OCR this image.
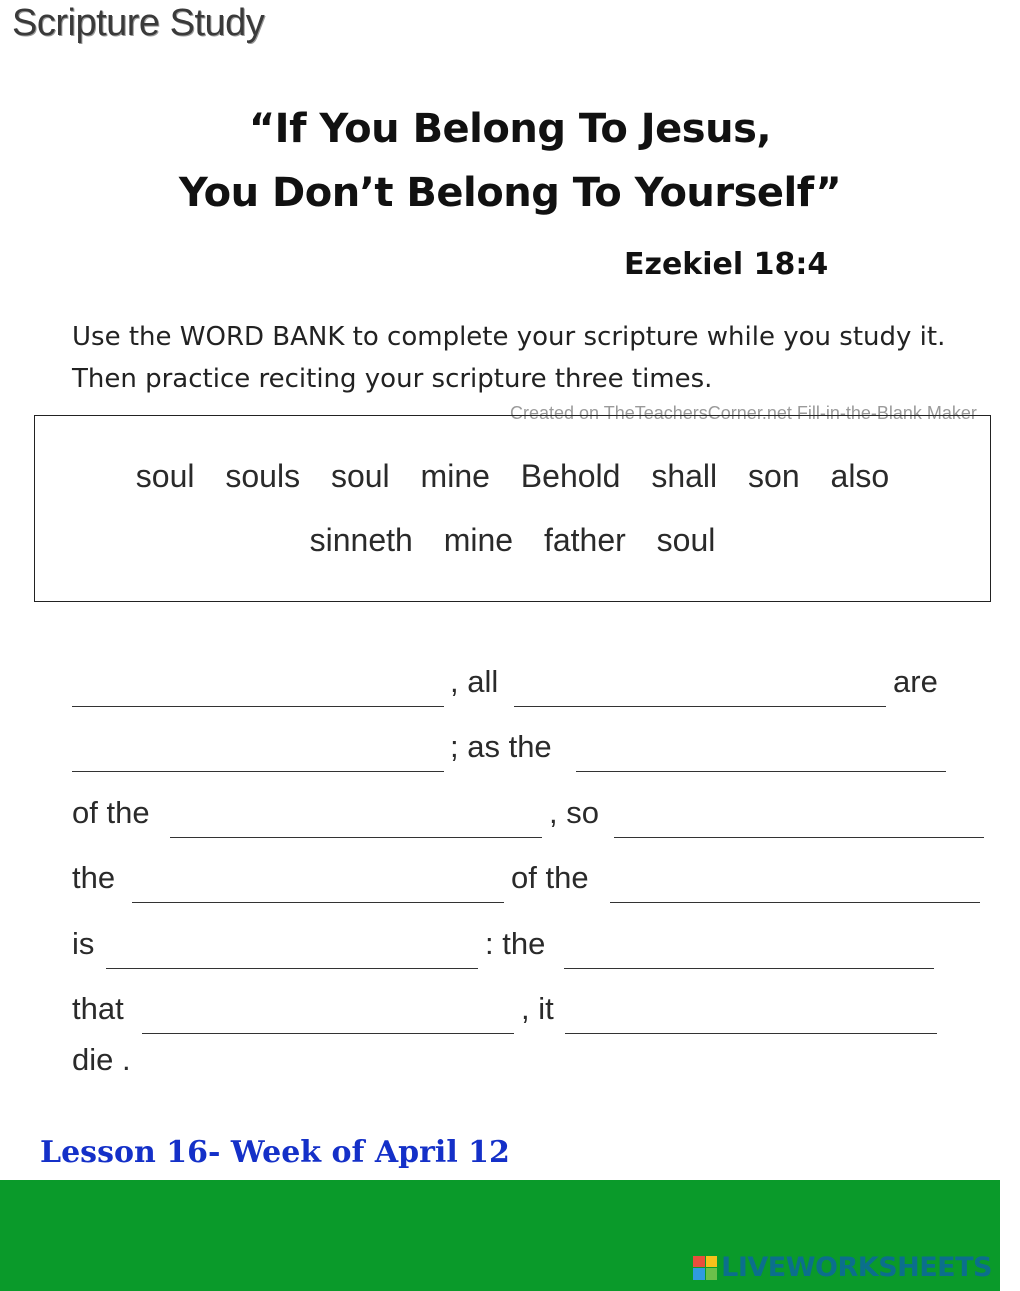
Scripture Study
“If You Belong To Jesus,
You Don’t Belong To Yourself”
Ezekiel 18:4
Use the WORD BANK to complete your scripture while you study it. Then practice reciting your scripture three times.
Created on TheTeachersCorner.net Fill-in-the-Blank Maker
soul souls soul mine Behold shall son also
sinneth mine father soul
, all	are
; as the
of the	, so
the	of the
is	: the
that	, it
die .
Lesson 16- Week of April 12
LIVEWORKSHEETS
